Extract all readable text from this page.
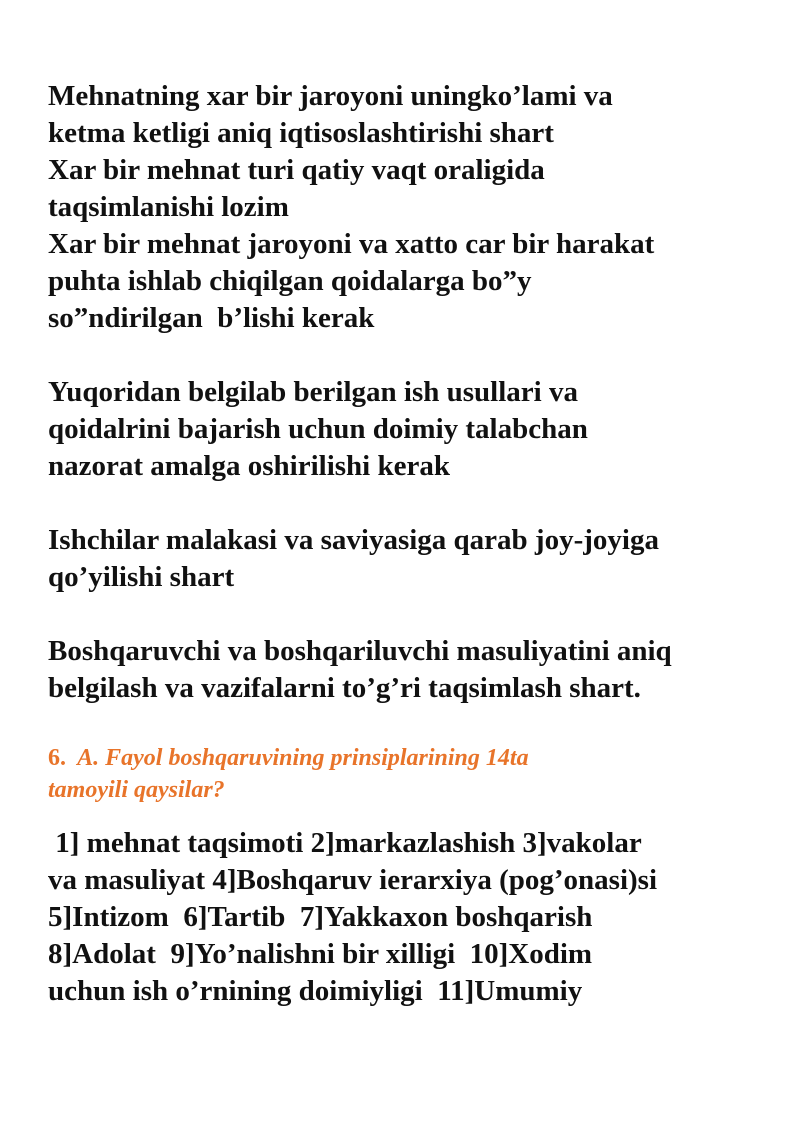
Mehnatning xar bir jaroyoni uningko’lami va
ketma ketligi aniq iqtisoslashtirishi shart
Xar bir mehnat turi qatiy vaqt oraligida
taqsimlanishi lozim
Xar bir mehnat jaroyoni va xatto car bir harakat
puhta ishlab chiqilgan qoidalarga bo”y
so”ndirilgan  b’lishi kerak
Yuqoridan belgilab berilgan ish usullari va
qoidalrini bajarish uchun doimiy talabchan
nazorat amalga oshirilishi kerak
Ishchilar malakasi va saviyasiga qarab joy-joyiga
qo’yilishi shart
Boshqaruvchi va boshqariluvchi masuliyatini aniq
belgilash va vazifalarni to’g’ri taqsimlash shart.
6. A. Fayol boshqaruvining prinsiplarining 14ta
tamoyili qaysilar?
1] mehnat taqsimoti 2]markazlashish 3]vakolar
va masuliyat 4]Boshqaruv ierarxiya (pog’onasi)si
5]Intizom  6]Tartib  7]Yakkaxon boshqarish
8]Adolat  9]Yo’nalishni bir xilligi  10]Xodim
uchun ish o’rnining doimiyligi  11]Umumiy
